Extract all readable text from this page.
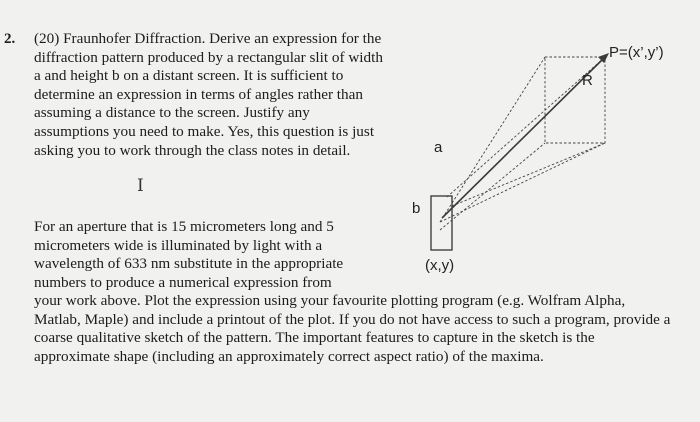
2. (20) Fraunhofer Diffraction. Derive an expression for the diffraction pattern produced by a rectangular slit of width a and height b on a distant screen. It is sufficient to determine an expression in terms of angles rather than assuming a distance to the screen. Justify any assumptions you need to make. Yes, this question is just asking you to work through the class notes in detail.

I

For an aperture that is 15 micrometers long and 5 micrometers wide is illuminated by light with a wavelength of 633 nm substitute in the appropriate numbers to produce a numerical expression from

your work above. Plot the expression using your favourite plotting program (e.g. Wolfram Alpha, Matlab, Maple) and include a printout of the plot. If you do not have access to such a program, provide a coarse qualitative sketch of the pattern. The important features to capture in the sketch is the approximate shape (including an approximately correct aspect ratio) of the maxima.

a
b
(x,y)
R
P=(x’,y’)
